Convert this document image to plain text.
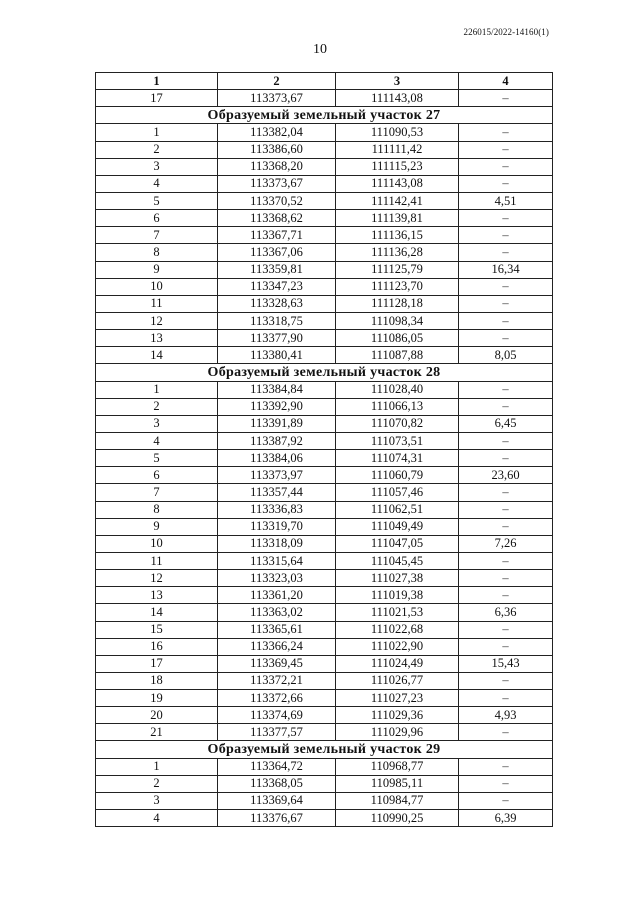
226015/2022-14160(1)
10
1	2	3	4
17	113373,67	111143,08	–
Образуемый земельный участок 27			
1	113382,04	111090,53	–
2	113386,60	111111,42	–
3	113368,20	111115,23	–
4	113373,67	111143,08	–
5	113370,52	111142,41	4,51
6	113368,62	111139,81	–
7	113367,71	111136,15	–
8	113367,06	111136,28	–
9	113359,81	111125,79	16,34
10	113347,23	111123,70	–
11	113328,63	111128,18	–
12	113318,75	111098,34	–
13	113377,90	111086,05	–
14	113380,41	111087,88	8,05
Образуемый земельный участок 28			
1	113384,84	111028,40	–
2	113392,90	111066,13	–
3	113391,89	111070,82	6,45
4	113387,92	111073,51	–
5	113384,06	111074,31	–
6	113373,97	111060,79	23,60
7	113357,44	111057,46	–
8	113336,83	111062,51	–
9	113319,70	111049,49	–
10	113318,09	111047,05	7,26
11	113315,64	111045,45	–
12	113323,03	111027,38	–
13	113361,20	111019,38	–
14	113363,02	111021,53	6,36
15	113365,61	111022,68	–
16	113366,24	111022,90	–
17	113369,45	111024,49	15,43
18	113372,21	111026,77	–
19	113372,66	111027,23	–
20	113374,69	111029,36	4,93
21	113377,57	111029,96	–
Образуемый земельный участок 29			
1	113364,72	110968,77	–
2	113368,05	110985,11	–
3	113369,64	110984,77	–
4	113376,67	110990,25	6,39
